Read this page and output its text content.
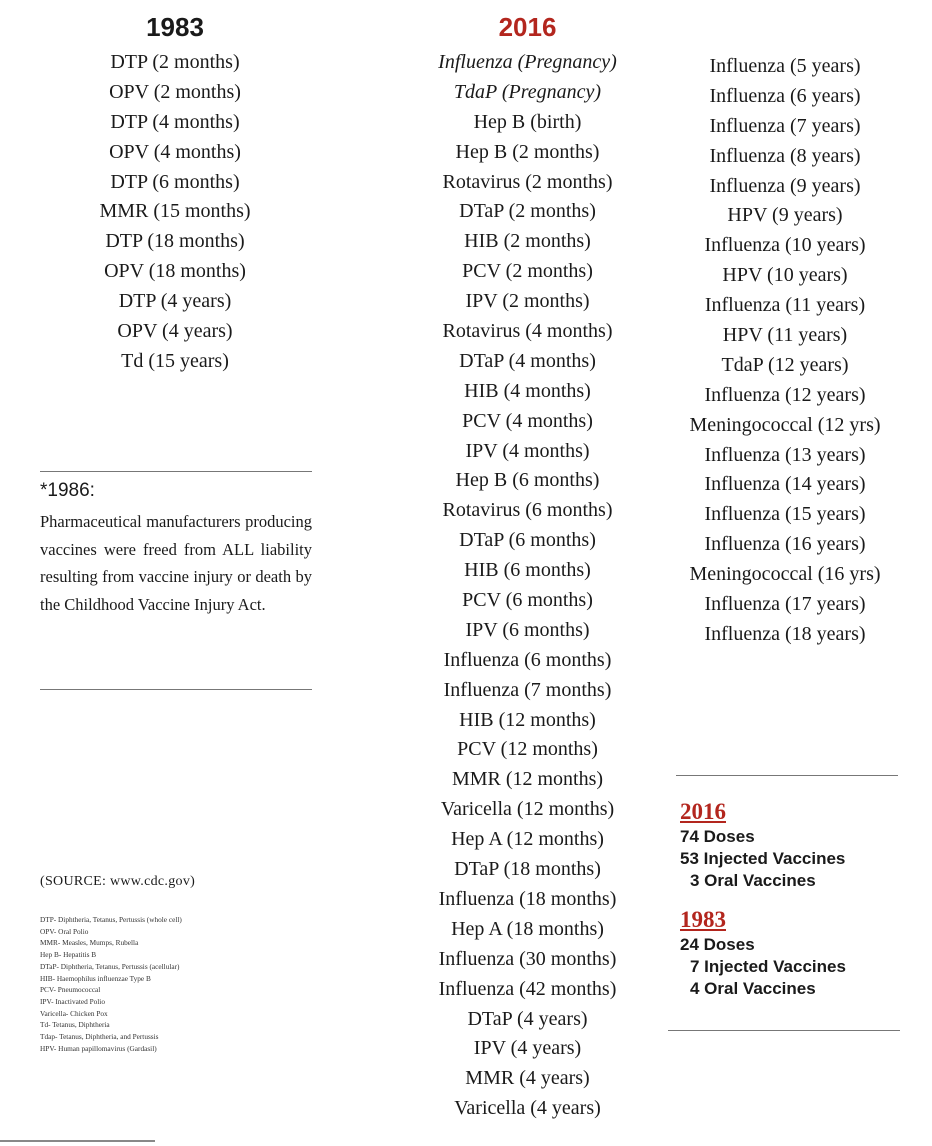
1983
DTP (2 months)
OPV (2 months)
DTP (4 months)
OPV (4 months)
DTP (6 months)
MMR (15 months)
DTP (18 months)
OPV (18 months)
DTP (4 years)
OPV (4 years)
Td (15 years)
2016
Influenza (Pregnancy)
TdaP (Pregnancy)
Hep B (birth)
Hep B (2 months)
Rotavirus (2 months)
DTaP (2 months)
HIB (2 months)
PCV (2 months)
IPV (2 months)
Rotavirus (4 months)
DTaP (4 months)
HIB (4 months)
PCV (4 months)
IPV (4 months)
Hep B (6 months)
Rotavirus (6 months)
DTaP (6 months)
HIB (6 months)
PCV (6 months)
IPV (6 months)
Influenza (6 months)
Influenza (7 months)
HIB (12 months)
PCV (12 months)
MMR (12 months)
Varicella (12 months)
Hep A (12 months)
DTaP (18 months)
Influenza (18 months)
Hep A (18 months)
Influenza (30 months)
Influenza (42 months)
DTaP (4 years)
IPV (4 years)
MMR (4 years)
Varicella (4 years)
Influenza (5 years)
Influenza (6 years)
Influenza (7 years)
Influenza (8 years)
Influenza (9 years)
HPV (9 years)
Influenza (10 years)
HPV (10 years)
Influenza (11 years)
HPV (11 years)
TdaP (12 years)
Influenza (12 years)
Meningococcal (12 yrs)
Influenza (13 years)
Influenza (14 years)
Influenza (15 years)
Influenza (16 years)
Meningococcal (16 yrs)
Influenza (17 years)
Influenza (18 years)
*1986:
Pharmaceutical manufacturers producing vaccines were freed from ALL liability resulting from vaccine injury or death by the Childhood Vaccine Injury Act.
(SOURCE: www.cdc.gov)
DTP- Diphtheria, Tetanus, Pertussis (whole cell)
OPV- Oral Polio
MMR- Measles, Mumps, Rubella
Hep B- Hepatitis B
DTaP- Diphtheria, Tetanus, Pertussis (acellular)
HIB- Haemophilus influenzae Type B
PCV- Pneumococcal
IPV- Inactivated Polio
Varicella- Chicken Pox
Td- Tetanus, Diphtheria
Tdap- Tetanus, Diphtheria, and Pertussis
HPV- Human papillomavirus (Gardasil)
2016
74 Doses
53 Injected Vaccines
3 Oral Vaccines
1983
24 Doses
7 Injected Vaccines
4 Oral Vaccines
